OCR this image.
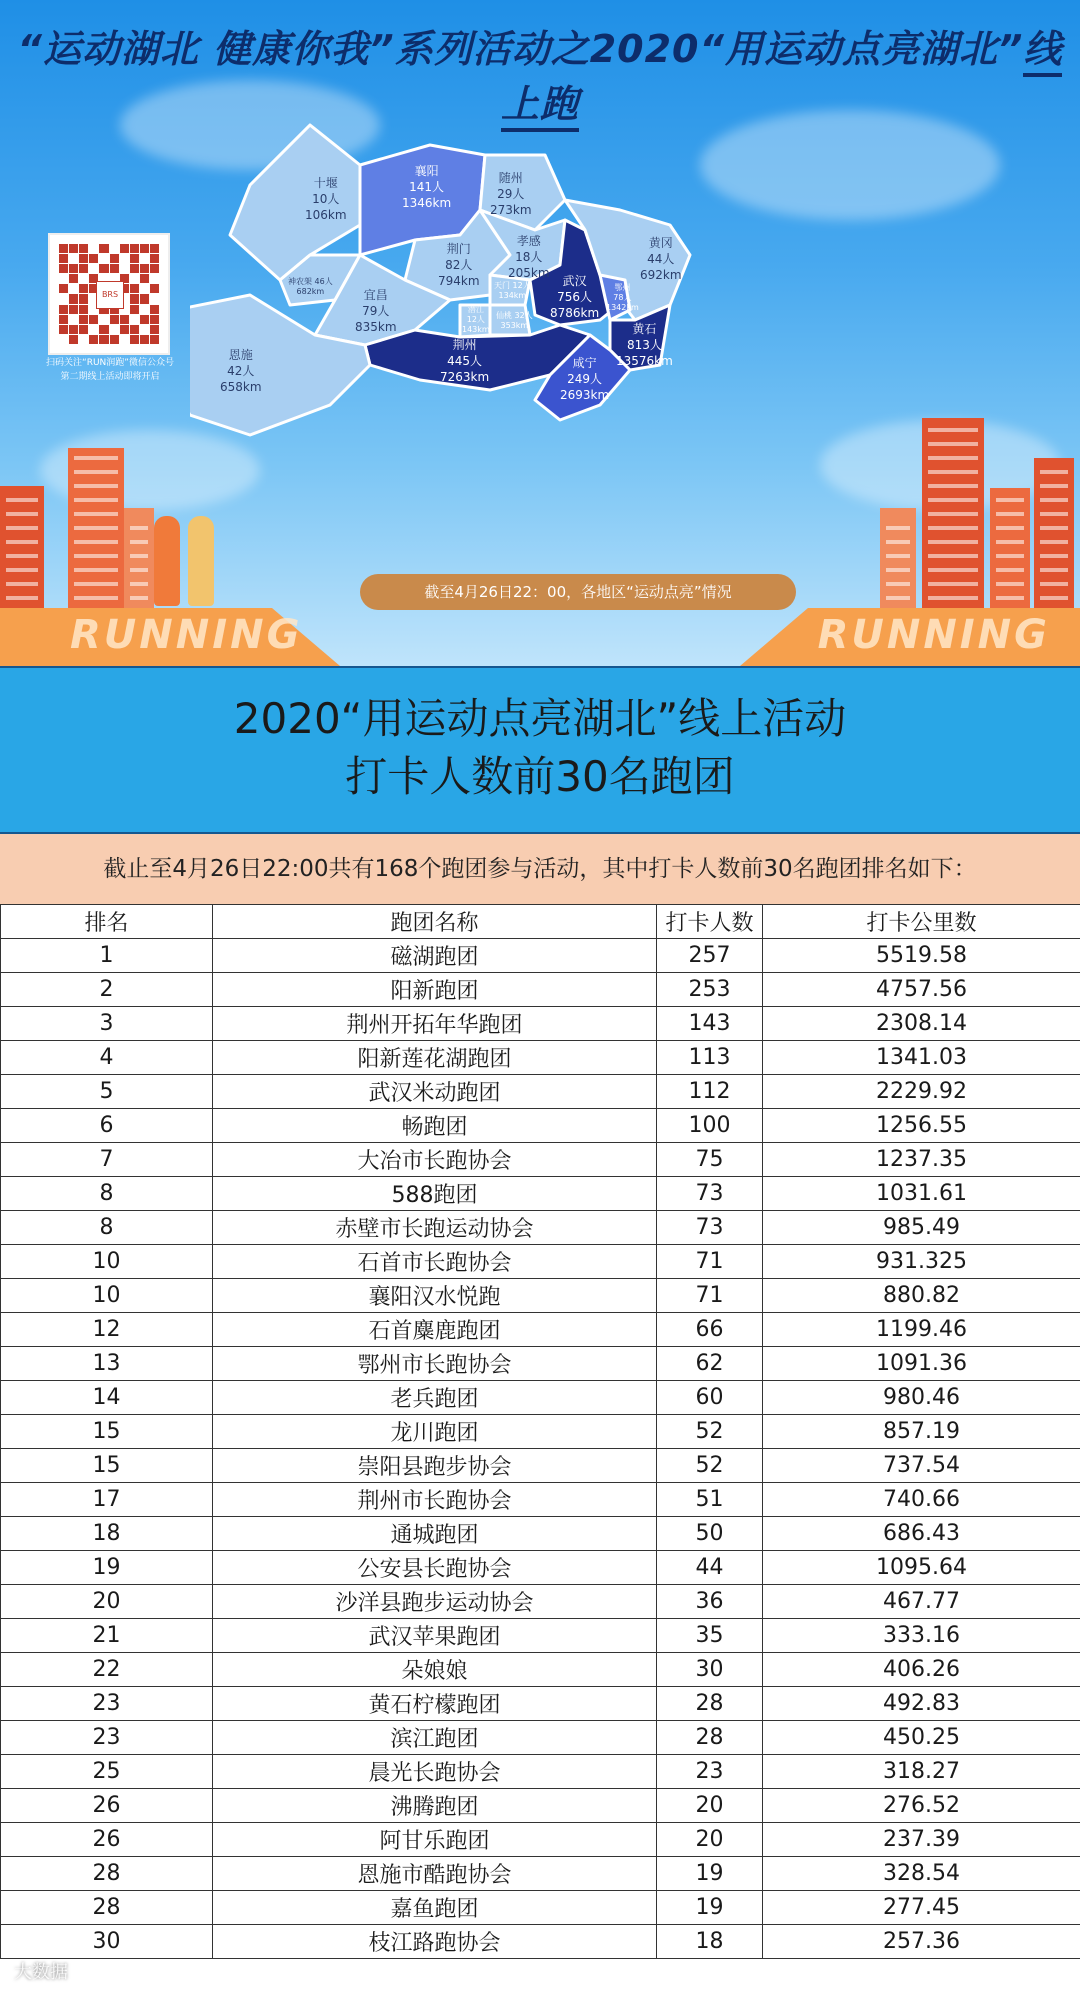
“运动湖北 健康你我”系列活动之2020“用运动点亮湖北”线上跑
BRS
扫码关注“RUN润跑”微信公众号
第二期线上活动即将开启
十堰
10人
106km
襄阳
141人
1346km
随州
29人
273km
神农架 46人
682km
荆门
82人
794km
孝感
18人
205km
宜昌
79人
835km
武汉
756人
8786km
黄冈
44人
692km
天门 12人
134km
潜江
12人
143km
仙桃 32人
353km
鄂州
78人
1342km
荆州
445人
7263km
黄石
813人
13576km
恩施
42人
658km
咸宁
249人
2693km
截至4月26日22：00，各地区“运动点亮”情况
RUNNING	RUNNING
2020“用运动点亮湖北”线上活动
打卡人数前30名跑团
截止至4月26日22:00共有168个跑团参与活动，其中打卡人数前30名跑团排名如下：
排名	跑团名称	打卡人数	打卡公里数
1	磁湖跑团	257	5519.58
2	阳新跑团	253	4757.56
3	荆州开拓年华跑团	143	2308.14
4	阳新莲花湖跑团	113	1341.03
5	武汉米动跑团	112	2229.92
6	畅跑团	100	1256.55
7	大冶市长跑协会	75	1237.35
8	588跑团	73	1031.61
8	赤壁市长跑运动协会	73	985.49
10	石首市长跑协会	71	931.325
10	襄阳汉水悦跑	71	880.82
12	石首麋鹿跑团	66	1199.46
13	鄂州市长跑协会	62	1091.36
14	老兵跑团	60	980.46
15	龙川跑团	52	857.19
15	崇阳县跑步协会	52	737.54
17	荆州市长跑协会	51	740.66
18	通城跑团	50	686.43
19	公安县长跑协会	44	1095.64
20	沙洋县跑步运动协会	36	467.77
21	武汉苹果跑团	35	333.16
22	朵娘娘	30	406.26
23	黄石柠檬跑团	28	492.83
23	滨江跑团	28	450.25
25	晨光长跑协会	23	318.27
26	沸腾跑团	20	276.52
26	阿甘乐跑团	20	237.39
28	恩施市酷跑协会	19	328.54
28	嘉鱼跑团	19	277.45
30	枝江路跑协会	18	257.36
大数据
